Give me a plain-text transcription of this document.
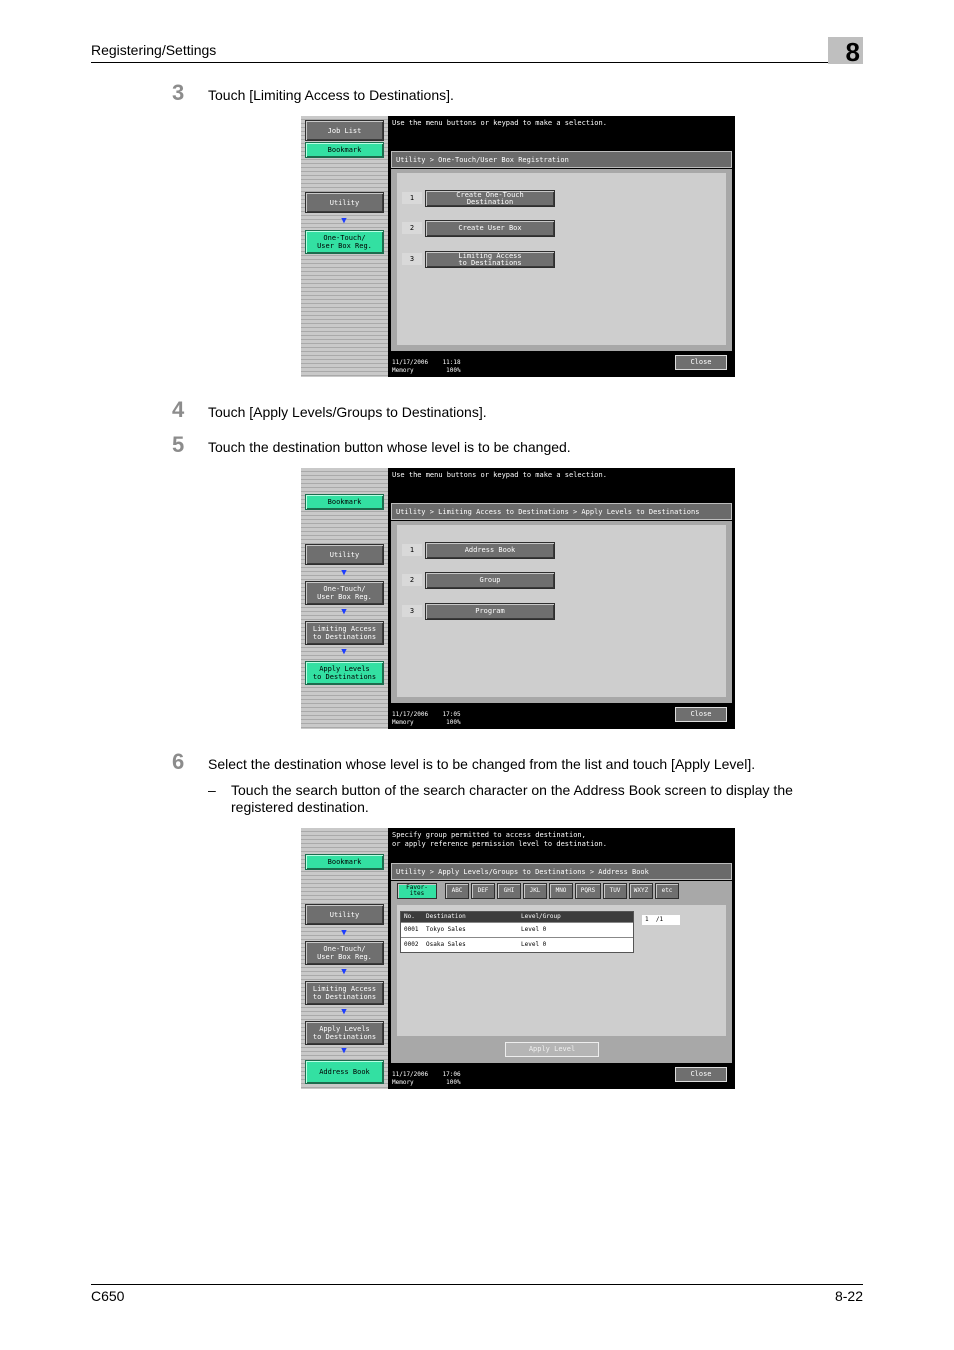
Registering/Settings	8
3 Touch [Limiting Access to Destinations].
Job List
Bookmark
Utility
▼
One-Touch/
User Box Reg.
Use the menu buttons or keypad to make a selection.
Utility > One-Touch/User Box Registration
1	Create One-Touch
Destination
2	Create User Box
3	Limiting Access
to Destinations
11/17/2006    11:18
Memory         100%
Close
4 Touch [Apply Levels/Groups to Destinations].
5 Touch the destination button whose level is to be changed.
Bookmark
Utility
▼
One-Touch/
User Box Reg.
▼
Limiting Access
to Destinations
▼
Apply Levels
to Destinations
Use the menu buttons or keypad to make a selection.
Utility > Limiting Access to Destinations > Apply Levels to Destinations
1	Address Book
2	Group
3	Program
11/17/2006    17:05
Memory         100%
Close
6 Select the destination whose level is to be changed from the list and touch [Apply Level].
– Touch the search button of the search character on the Address Book screen to display the registered destination.
Bookmark
Utility
▼
One-Touch/
User Box Reg.
▼
Limiting Access
to Destinations
▼
Apply Levels
to Destinations
▼
Address Book
Specify group permitted to access destination,
or apply reference permission level to destination.
Utility > Apply Levels/Groups to Destinations > Address Book
Favor-
ites	ABC	DEF	GHI	JKL	MNO	PQRS	TUV	WXYZ	etc
No. Destination	Level/Group
0001 Tokyo Sales	Level 0
0002 Osaka Sales	Level 0
1  /1
Apply Level
11/17/2006    17:06
Memory         100%
Close
C650	8-22
